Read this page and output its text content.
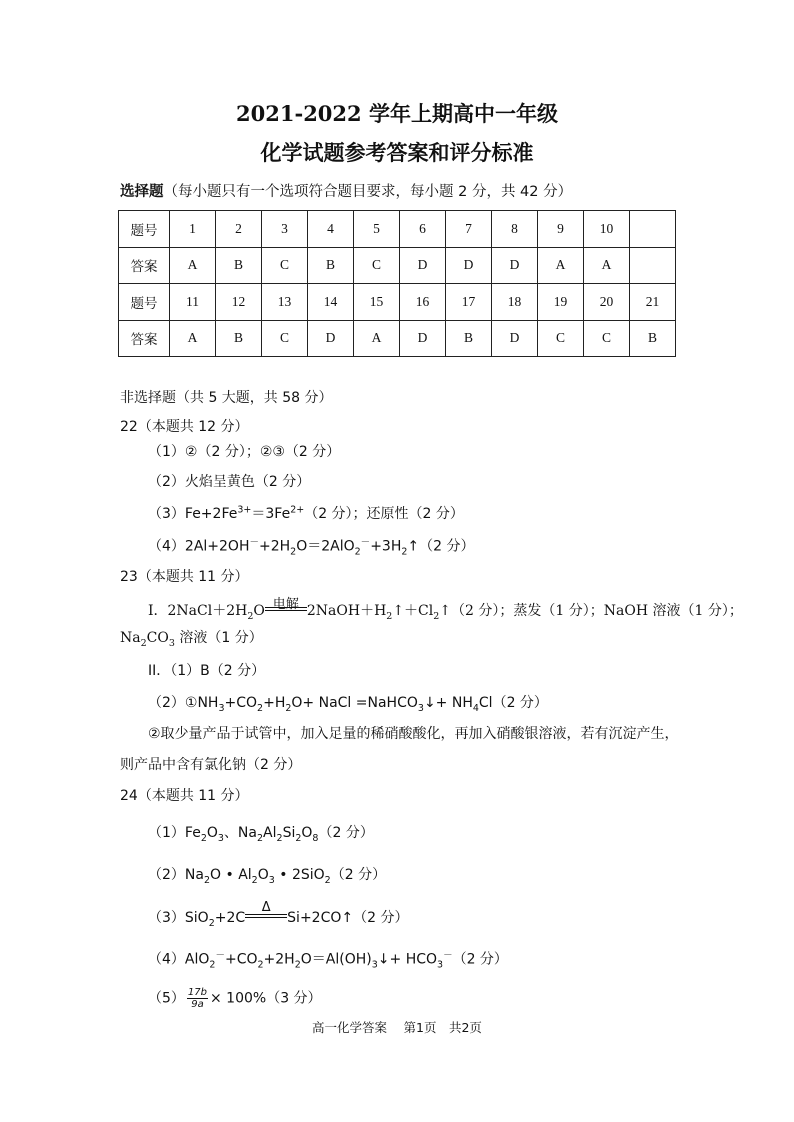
2021-2022 学年上期高中一年级
化学试题参考答案和评分标准
选择题（每小题只有一个选项符合题目要求，每小题 2 分，共 42 分）
题号	1	2	3	4	5	6	7	8	9	10	
答案	A	B	C	B	C	D	D	D	A	A	
题号	11	12	13	14	15	16	17	18	19	20	21
答案	A	B	C	D	A	D	B	D	C	C	B
非选择题（共 5 大题，共 58 分）
22（本题共 12 分）
（1）②（2 分）；②③（2 分）
（2）火焰呈黄色（2 分）
$(3)Fe+2Fe^{3+}=3Fe^{2+}(2$ 分）；还原性（2 分）
$(4)2Al+2OH^-+2H_2O=2AlO_2^-+3H_2↑(2$ 分）
23（本题共 11 分）
I．$2NaCl+2H_2O$ 电解 $2NaOH+H_2↑+Cl_2↑(2$ 分）；蒸发（1 分）；NaOH 溶液（1 分）；
$Na_2CO_3$ 溶液（1 分）
II．（1）B（2 分）
$(2)①NH_3+CO_2+H_2O+$ NaCl =NaHCO$_3$↓+ $NH_4Cl(2$ 分）
②取少量产品于试管中，加入足量的稀硝酸酸化，再加入硝酸银溶液，若有沉淀产生，
则产品中含有氯化钠（2 分）
24（本题共 11 分）
$(1)Fe_2O_3$、$Na_2Al_2Si_2O_8(2$ 分）
$(2)Na_2O$ • $Al_2O_3$ • 2SiO$_2$（2 分）
（3）SiO$_2$+2C
Δ
Si+2CO↑（2 分）
$(4)AlO_2^-+CO_2+2H_2O=Al(OH)_3↓+ HCO_3^-(2$ 分）
$(5) \frac{17b}{9a} \times 100\%(3$ 分）
高一化学答案　 第1页　共2页
